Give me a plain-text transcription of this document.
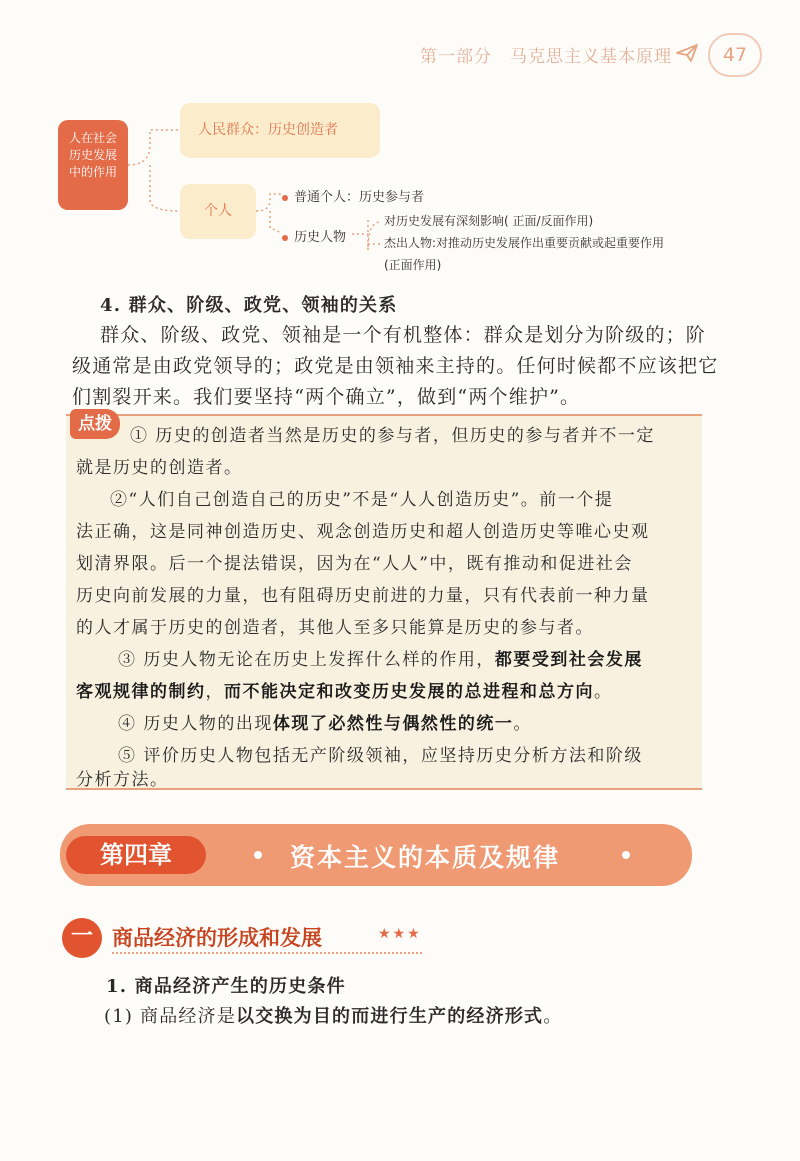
第一部分 马克思主义基本原理	47
人在社会
历史发展
中的作用
人民群众：历史创造者
个人
普通个人：历史参与者
历史人物
对历史发展有深刻影响( 正面/反面作用)
杰出人物:对推动历史发展作出重要贡献或起重要作用
(正面作用)
4. 群众、阶级、政党、领袖的关系
群众、阶级、政党、领袖是一个有机整体：群众是划分为阶级的；阶
级通常是由政党领导的；政党是由领袖来主持的。任何时候都不应该把它
们割裂开来。我们要坚持“两个确立”，做到“两个维护”。
点拨
① 历史的创造者当然是历史的参与者，但历史的参与者并不一定
就是历史的创造者。
②“人们自己创造自己的历史”不是“人人创造历史”。前一个提
法正确，这是同神创造历史、观念创造历史和超人创造历史等唯心史观
划清界限。后一个提法错误，因为在“人人”中，既有推动和促进社会
历史向前发展的力量，也有阻碍历史前进的力量，只有代表前一种力量
的人才属于历史的创造者，其他人至多只能算是历史的参与者。
③ 历史人物无论在历史上发挥什么样的作用，都要受到社会发展
客观规律的制约，而不能决定和改变历史发展的总进程和总方向。
④ 历史人物的出现体现了必然性与偶然性的统一。
⑤ 评价历史人物包括无产阶级领袖，应坚持历史分析方法和阶级
分析方法。
第四章	资本主义的本质及规律
一 商品经济的形成和发展	★★★
1. 商品经济产生的历史条件
(1) 商品经济是以交换为目的而进行生产的经济形式。
